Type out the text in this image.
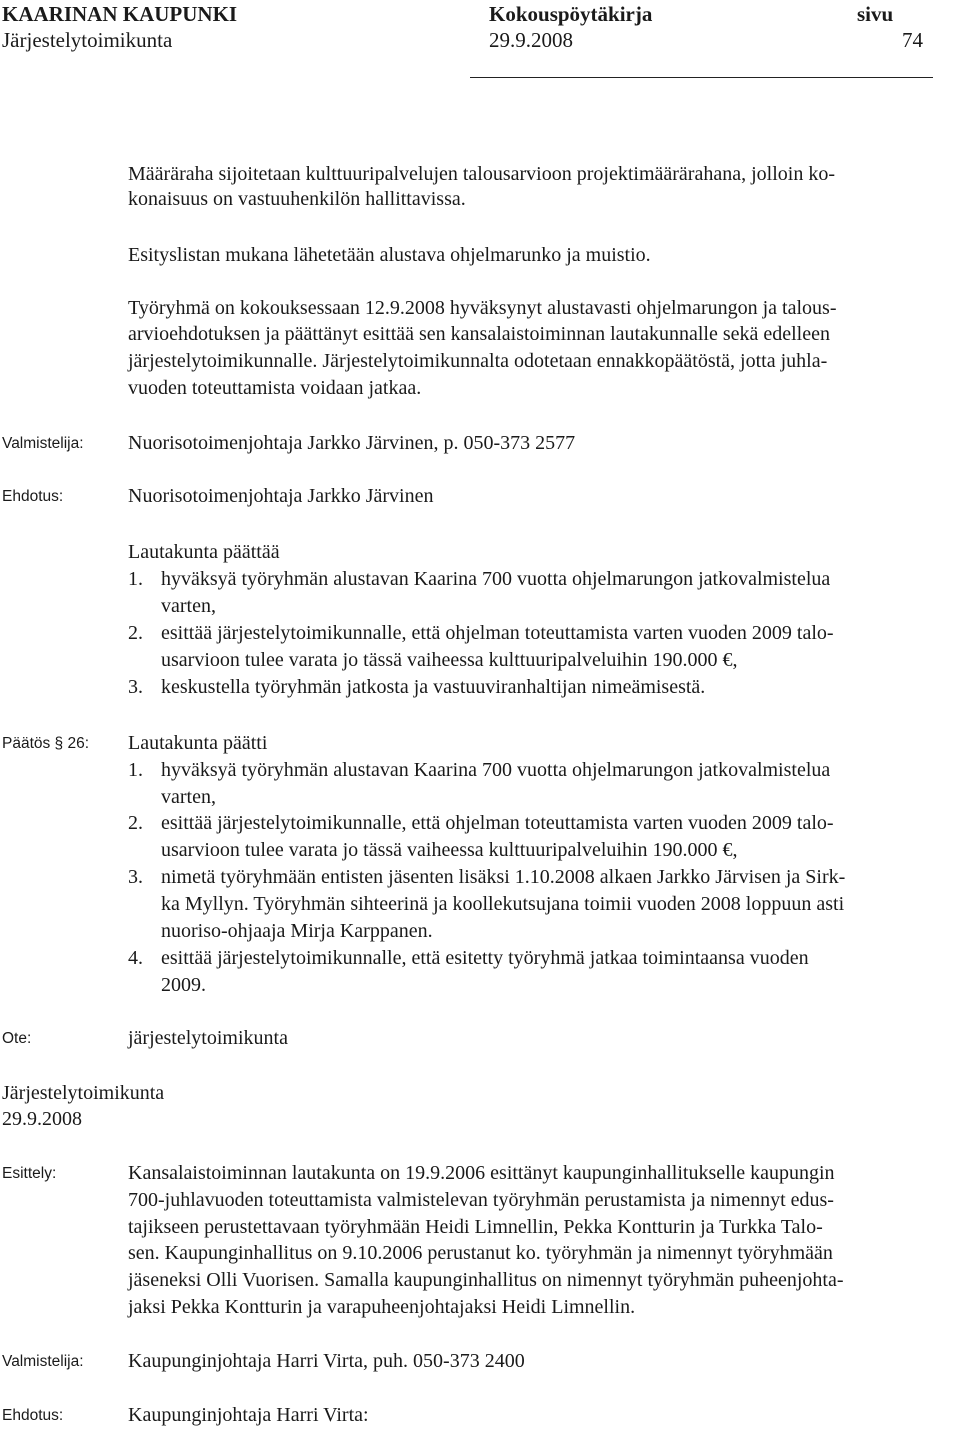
KAARINAN KAUPUNKI	Kokouspöytäkirja	sivu
Järjestelytoimikunta	29.9.2008	74
Määräraha sijoitetaan kulttuuripalvelujen talousarvioon projektimäärärahana, jolloin ko-
konaisuus on vastuuhenkilön hallittavissa.
Esityslistan mukana lähetetään alustava ohjelmarunko ja muistio.
Työryhmä on kokouksessaan 12.9.2008 hyväksynyt alustavasti ohjelmarungon ja talous-
arvioehdotuksen ja päättänyt esittää sen kansalaistoiminnan lautakunnalle sekä edelleen
järjestelytoimikunnalle. Järjestelytoimikunnalta odotetaan ennakkopäätöstä, jotta juhla-
vuoden toteuttamista voidaan jatkaa.
Valmistelija: Nuorisotoimenjohtaja Jarkko Järvinen, p. 050-373 2577
Ehdotus:	Nuorisotoimenjohtaja Jarkko Järvinen
Lautakunta päättää
1. hyväksyä työryhmän alustavan Kaarina 700 vuotta ohjelmarungon jatkovalmistelua
varten,
2. esittää järjestelytoimikunnalle, että ohjelman toteuttamista varten vuoden 2009 talo-
usarvioon tulee varata jo tässä vaiheessa kulttuuripalveluihin 190.000 €,
3. keskustella työryhmän jatkosta ja vastuuviranhaltijan nimeämisestä.
Päätös § 26: Lautakunta päätti
1. hyväksyä työryhmän alustavan Kaarina 700 vuotta ohjelmarungon jatkovalmistelua
varten,
2. esittää järjestelytoimikunnalle, että ohjelman toteuttamista varten vuoden 2009 talo-
usarvioon tulee varata jo tässä vaiheessa kulttuuripalveluihin 190.000 €,
3. nimetä työryhmään entisten jäsenten lisäksi 1.10.2008 alkaen Jarkko Järvisen ja Sirk-
ka Myllyn. Työryhmän sihteerinä ja koollekutsujana toimii vuoden 2008 loppuun asti
nuoriso-ohjaaja Mirja Karppanen.
4. esittää järjestelytoimikunnalle, että esitetty työryhmä jatkaa toimintaansa vuoden
2009.
Ote:	järjestelytoimikunta
Järjestelytoimikunta
29.9.2008
Esittely:	Kansalaistoiminnan lautakunta on 19.9.2006 esittänyt kaupunginhallitukselle kaupungin
700-juhlavuoden toteuttamista valmistelevan työryhmän perustamista ja nimennyt edus-
tajikseen perustettavaan työryhmään Heidi Limnellin, Pekka Kontturin ja Turkka Talo-
sen. Kaupunginhallitus on 9.10.2006 perustanut ko. työryhmän ja nimennyt työryhmään
jäseneksi Olli Vuorisen. Samalla kaupunginhallitus on nimennyt työryhmän puheenjohta-
jaksi Pekka Kontturin ja varapuheenjohtajaksi Heidi Limnellin.
Valmistelija: Kaupunginjohtaja Harri Virta, puh. 050-373 2400
Ehdotus:	Kaupunginjohtaja Harri Virta:
